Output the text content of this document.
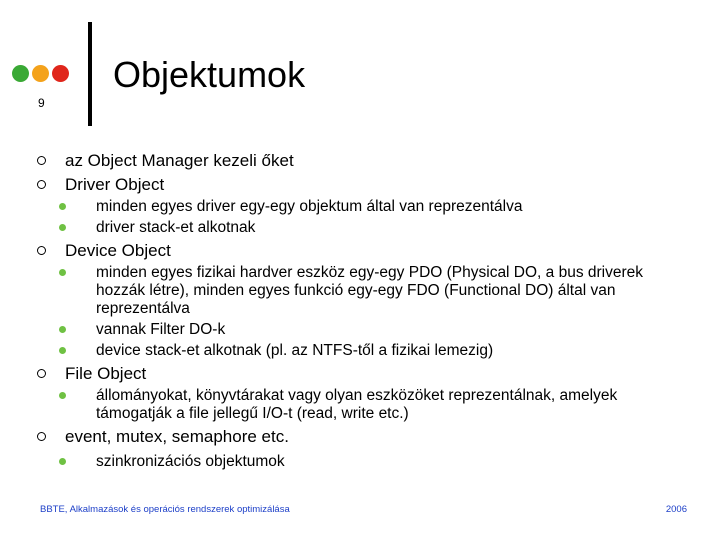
9
Objektumok
az Object Manager kezeli őket
Driver Object
minden egyes driver egy-egy objektum által van reprezentálva
driver stack-et alkotnak
Device Object
minden egyes fizikai hardver eszköz egy-egy PDO (Physical DO, a bus driverek hozzák létre), minden egyes funkció egy-egy FDO (Functional DO) által van reprezentálva
vannak Filter DO-k
device stack-et alkotnak (pl. az NTFS-től a fizikai lemezig)
File Object
állományokat, könyvtárakat vagy olyan eszközöket reprezentálnak, amelyek támogatják a file jellegű I/O-t (read, write etc.)
event, mutex, semaphore etc.
szinkronizációs objektumok
BBTE, Alkalmazások és operációs rendszerek optimizálása	2006
